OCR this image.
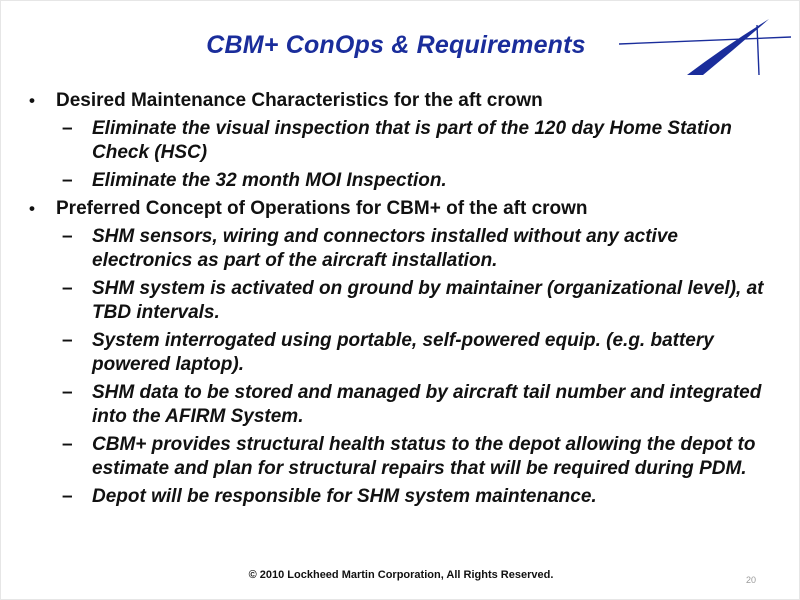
CBM+ ConOps & Requirements
•	Desired Maintenance Characteristics for the aft crown
–	Eliminate the visual inspection that is part of the 120 day Home Station Check (HSC)
–	Eliminate the 32 month MOI Inspection.
•	Preferred Concept of Operations for CBM+ of the aft crown
–	SHM sensors, wiring and connectors installed without any active electronics as part of the aircraft installation.
–	SHM system is activated on ground by maintainer (organizational level), at TBD intervals.
–	System interrogated using portable, self-powered equip. (e.g. battery powered laptop).
–	SHM data to be stored and managed by aircraft tail number and integrated into the AFIRM System.
–	CBM+ provides structural health status to the depot allowing the depot to estimate and plan for structural repairs that will be required during PDM.
–	Depot will be responsible for SHM system maintenance.
© 2010 Lockheed Martin Corporation, All Rights Reserved.	20
